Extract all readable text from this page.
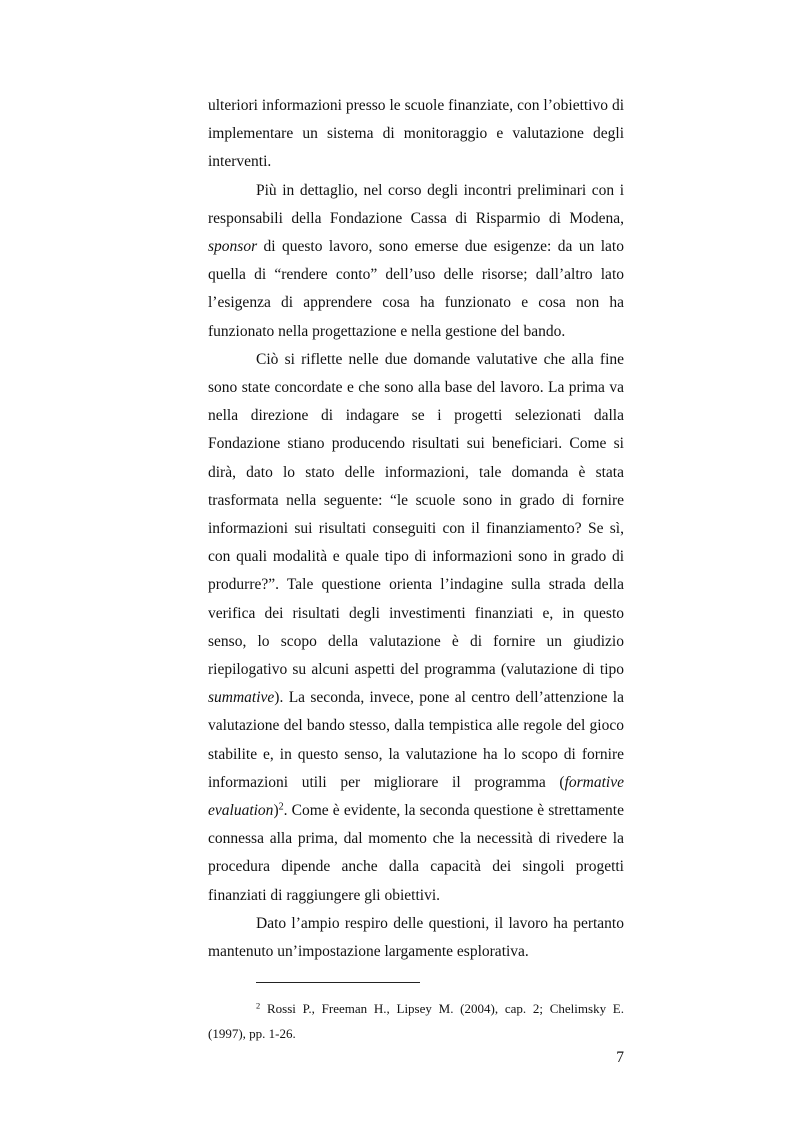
ulteriori informazioni presso le scuole finanziate, con l’obiettivo di implementare un sistema di monitoraggio e valutazione degli interventi.

Più in dettaglio, nel corso degli incontri preliminari con i responsabili della Fondazione Cassa di Risparmio di Modena, sponsor di questo lavoro, sono emerse due esigenze: da un lato quella di “rendere conto” dell’uso delle risorse; dall’altro lato l’esigenza di apprendere cosa ha funzionato e cosa non ha funzionato nella progettazione e nella gestione del bando.

Ciò si riflette nelle due domande valutative che alla fine sono state concordate e che sono alla base del lavoro. La prima va nella direzione di indagare se i progetti selezionati dalla Fondazione stiano producendo risultati sui beneficiari. Come si dirà, dato lo stato delle informazioni, tale domanda è stata trasformata nella seguente: “le scuole sono in grado di fornire informazioni sui risultati conseguiti con il finanziamento? Se sì, con quali modalità e quale tipo di informazioni sono in grado di produrre?”. Tale questione orienta l’indagine sulla strada della verifica dei risultati degli investimenti finanziati e, in questo senso, lo scopo della valutazione è di fornire un giudizio riepilogativo su alcuni aspetti del programma (valutazione di tipo summative). La seconda, invece, pone al centro dell’attenzione la valutazione del bando stesso, dalla tempistica alle regole del gioco stabilite e, in questo senso, la valutazione ha lo scopo di fornire informazioni utili per migliorare il programma (formative evaluation)$^2$. Come è evidente, la seconda questione è strettamente connessa alla prima, dal momento che la necessità di rivedere la procedura dipende anche dalla capacità dei singoli progetti finanziati di raggiungere gli obiettivi.

Dato l’ampio respiro delle questioni, il lavoro ha pertanto mantenuto un’impostazione largamente esplorativa.

$^2$ Rossi P., Freeman H., Lipsey M. (2004), cap. 2; Chelimsky E. (1997), pp. 1-26.
7
